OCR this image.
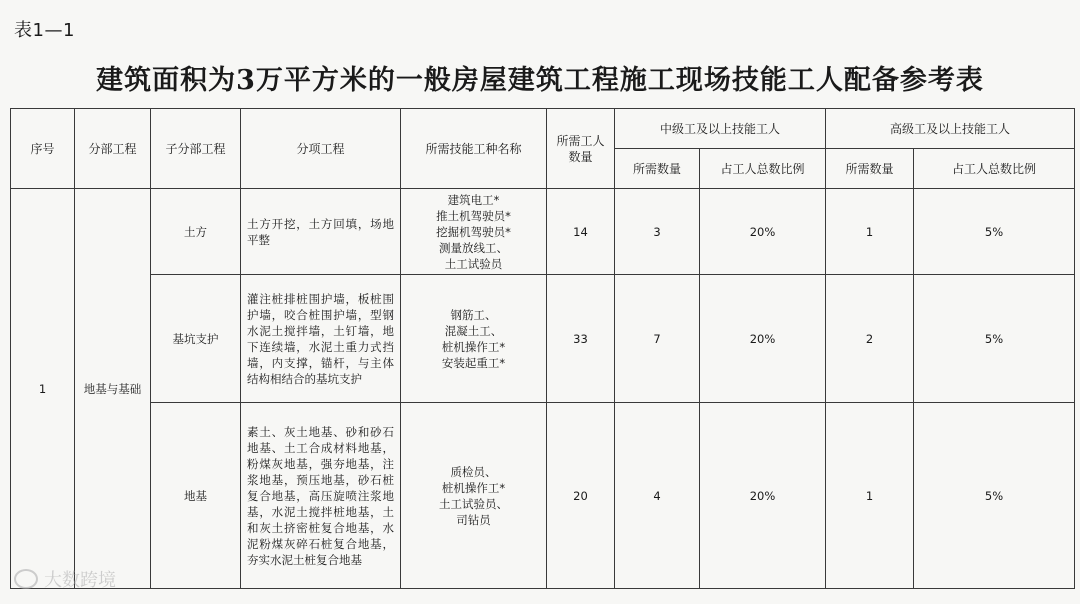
表1—1
建筑面积为3万平方米的一般房屋建筑工程施工现场技能工人配备参考表
序号	分部工程	子分部工程	分项工程	所需技能工种名称	所需工人数量	中级工及以上技能工人		高级工及以上技能工人	
						所需数量	占工人总数比例	所需数量	占工人总数比例
1	地基与基础	土方	土方开挖，土方回填，场地平整	建筑电工*
推土机驾驶员*
挖掘机驾驶员*
测量放线工、
土工试验员	14	3	20%	1	5%
		基坑支护	灌注桩排桩围护墙，板桩围护墙，咬合桩围护墙，型钢水泥土搅拌墙，土钉墙，地下连续墙，水泥土重力式挡墙，内支撑，锚杆，与主体结构相结合的基坑支护	钢筋工、
混凝土工、
桩机操作工*
安装起重工*	33	7	20%	2	5%
		地基	素土、灰土地基、砂和砂石地基、土工合成材料地基，粉煤灰地基，强夯地基，注浆地基，预压地基，砂石桩复合地基，高压旋喷注浆地基，水泥土搅拌桩地基，土和灰土挤密桩复合地基，水泥粉煤灰碎石桩复合地基，夯实水泥土桩复合地基	质检员、
桩机操作工*
土工试验员、
司钻员	20	4	20%	1	5%
大数跨境
